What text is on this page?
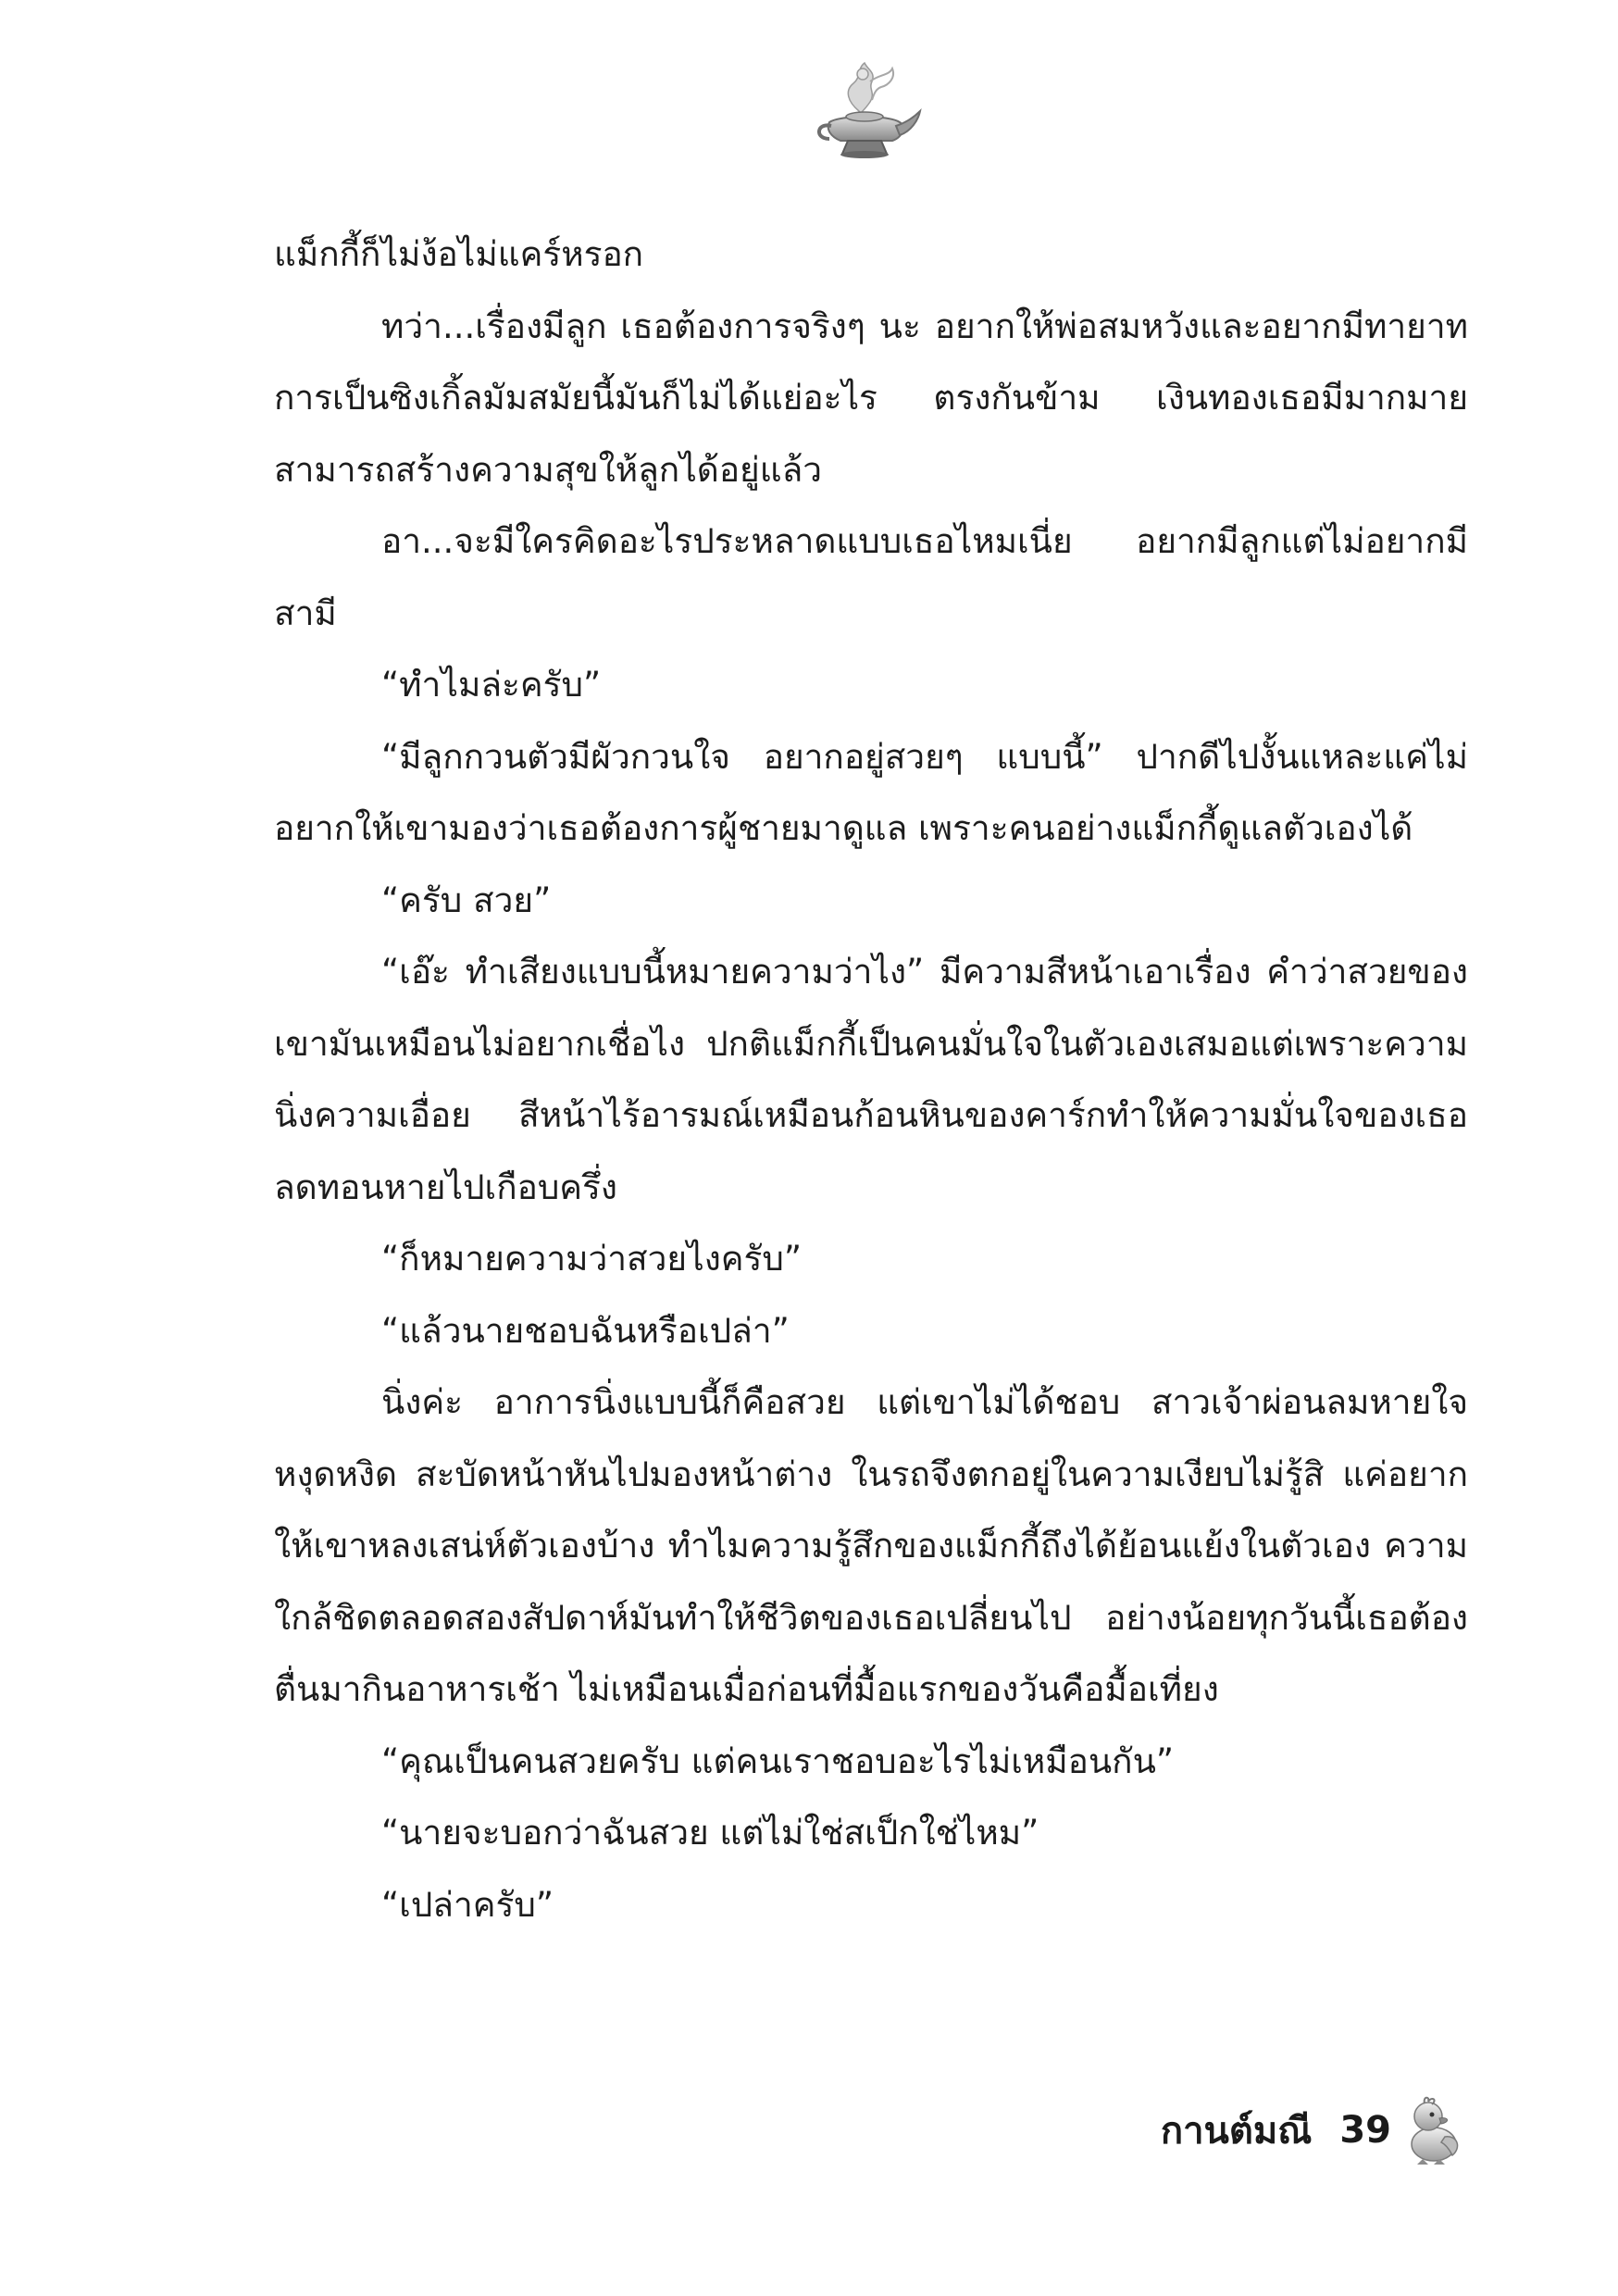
แม็กกี้ก็ไม่ง้อไม่แคร์หรอก

ทว่า...เรื่องมีลูก เธอต้องการจริงๆ นะ อยากให้พ่อสมหวังและอยากมีทายาท การเป็นซิงเกิ้ลมัมสมัยนี้มันก็ไม่ได้แย่อะไร ตรงกันข้าม เงินทองเธอมีมากมาย สามารถสร้างความสุขให้ลูกได้อยู่แล้ว

อา...จะมีใครคิดอะไรประหลาดแบบเธอไหมเนี่ย อยากมีลูกแต่ไม่อยากมีสามี

“ทำไมล่ะครับ”

“มีลูกกวนตัวมีผัวกวนใจ อยากอยู่สวยๆ แบบนี้” ปากดีไปงั้นแหละแค่ไม่อยากให้เขามองว่าเธอต้องการผู้ชายมาดูแล เพราะคนอย่างแม็กกี้ดูแลตัวเองได้

“ครับ สวย”

“เอ๊ะ ทำเสียงแบบนี้หมายความว่าไง” มีความสีหน้าเอาเรื่อง คำว่าสวยของเขามันเหมือนไม่อยากเชื่อไง ปกติแม็กกี้เป็นคนมั่นใจในตัวเองเสมอแต่เพราะความนิ่งความเอื่อย สีหน้าไร้อารมณ์เหมือนก้อนหินของคาร์กทำให้ความมั่นใจของเธอลดทอนหายไปเกือบครึ่ง

“ก็หมายความว่าสวยไงครับ”

“แล้วนายชอบฉันหรือเปล่า”

นิ่งค่ะ อาการนิ่งแบบนี้ก็คือสวย แต่เขาไม่ได้ชอบ สาวเจ้าผ่อนลมหายใจหงุดหงิด สะบัดหน้าหันไปมองหน้าต่าง ในรถจึงตกอยู่ในความเงียบไม่รู้สิ แค่อยากให้เขาหลงเสน่ห์ตัวเองบ้าง ทำไมความรู้สึกของแม็กกี้ถึงได้ย้อนแย้งในตัวเอง ความใกล้ชิดตลอดสองสัปดาห์มันทำให้ชีวิตของเธอเปลี่ยนไป อย่างน้อยทุกวันนี้เธอต้องตื่นมากินอาหารเช้า ไม่เหมือนเมื่อก่อนที่มื้อแรกของวันคือมื้อเที่ยง

“คุณเป็นคนสวยครับ แต่คนเราชอบอะไรไม่เหมือนกัน”

“นายจะบอกว่าฉันสวย แต่ไม่ใช่สเป็กใช่ไหม”

“เปล่าครับ”

กานต์มณี 39
